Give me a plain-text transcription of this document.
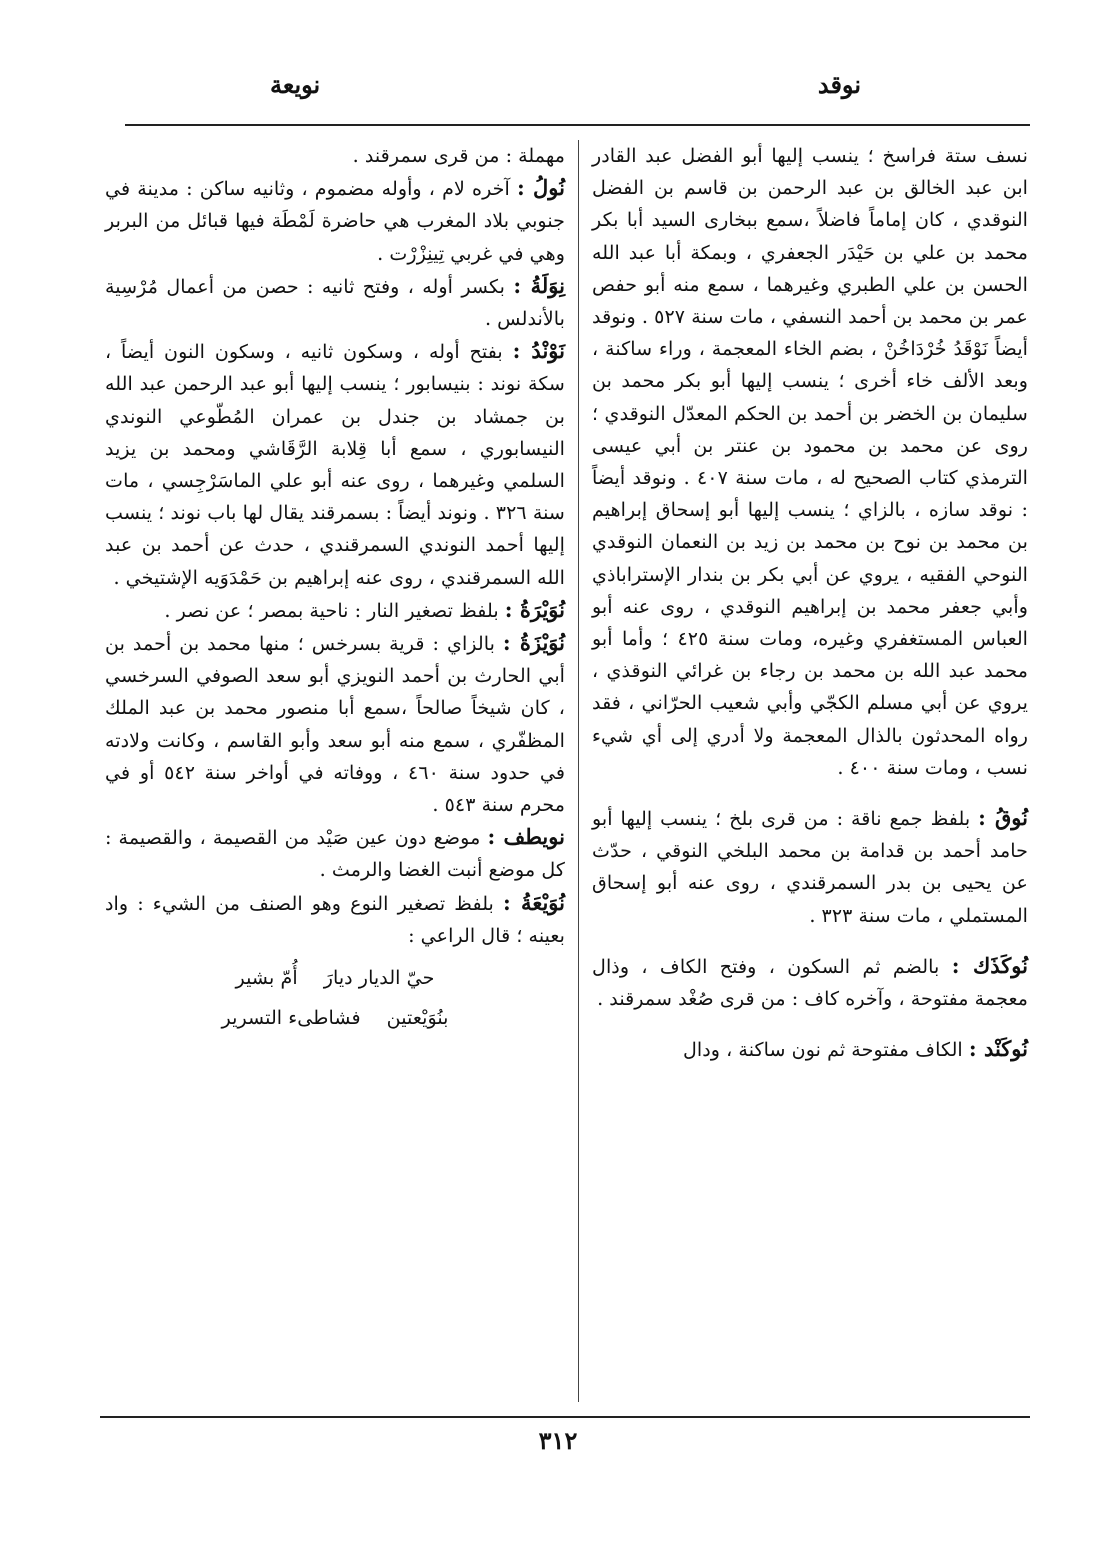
نوقد
نويعة

نسف ستة فراسخ ؛ ينسب إليها أبو الفضل عبد القادر ابن عبد الخالق بن عبد الرحمن بن قاسم بن الفضل النوقدي ، كان إماماً فاضلاً ،سمع ببخارى السيد أبا بكر محمد بن علي بن حَيْدَر الجعفري ، وبمكة أبا عبد الله الحسن بن علي الطبري وغيرهما ، سمع منه أبو حفص عمر بن محمد بن أحمد النسفي ، مات سنة ٥٢٧ . ونوقد أيضاً نَوْقَدُ خُرْدَاخُنْ ، بضم الخاء المعجمة ، وراء ساكنة ، وبعد الألف خاء أخرى ؛ ينسب إليها أبو بكر محمد بن سليمان بن الخضر بن أحمد بن الحكم المعدّل النوقدي ؛ روى عن محمد بن محمود بن عنتر بن أبي عيسى الترمذي كتاب الصحيح له ، مات سنة ٤٠٧ . ونوقد أيضاً : نوقد سازه ، بالزاي ؛ ينسب إليها أبو إسحاق إبراهيم بن محمد بن نوح بن محمد بن زيد بن النعمان النوقدي النوحي الفقيه ، يروي عن أبي بكر بن بندار الإستراباذي وأبي جعفر محمد بن إبراهيم النوقدي ، روى عنه أبو العباس المستغفري وغيره، ومات سنة ٤٢٥ ؛ وأما أبو محمد عبد الله بن محمد بن رجاء بن غرائي النوقذي ، يروي عن أبي مسلم الكجّي وأبي شعيب الحرّاني ، فقد رواه المحدثون بالذال المعجمة ولا أدري إلى أي شيء نسب ، ومات سنة ٤٠٠ .

نُوقُ : بلفظ جمع ناقة : من قرى بلخ ؛ ينسب إليها أبو حامد أحمد بن قدامة بن محمد البلخي النوقي ، حدّث عن يحيى بن بدر السمرقندي ، روى عنه أبو إسحاق المستملي ، مات سنة ٣٢٣ .

نُوكَذَك : بالضم ثم السكون ، وفتح الكاف ، وذال معجمة مفتوحة ، وآخره كاف : من قرى صُغْد سمرقند .

نُوكَنْد : الكاف مفتوحة ثم نون ساكنة ، ودال

مهملة : من قرى سمرقند .

نُولُ : آخره لام ، وأوله مضموم ، وثانيه ساكن : مدينة في جنوبي بلاد المغرب هي حاضرة لَمْطَة فيها قبائل من البربر وهي في غربي تِينِزْرْت .

نِوَلَةُ : بكسر أوله ، وفتح ثانيه : حصن من أعمال مُرْسِية بالأندلس .

نَوْنْدُ : بفتح أوله ، وسكون ثانيه ، وسكون النون أيضاً ، سكة نوند : بنيسابور ؛ ينسب إليها أبو عبد الرحمن عبد الله بن جمشاد بن جندل بن عمران المُطّوعي النوندي النيسابوري ، سمع أبا قِلابة الرَّقَاشي ومحمد بن يزيد السلمي وغيرهما ، روى عنه أبو علي الماسَرْجِسي ، مات سنة ٣٢٦ . ونوند أيضاً : بسمرقند يقال لها باب نوند ؛ ينسب إليها أحمد النوندي السمرقندي ، حدث عن أحمد بن عبد الله السمرقندي ، روى عنه إبراهيم بن حَمْدَوَيه الإشتيخي .

نُوَيْرَةُ : بلفظ تصغير النار : ناحية بمصر ؛ عن نصر .

نُوَيْزَةُ : بالزاي : قرية بسرخس ؛ منها محمد بن أحمد بن أبي الحارث بن أحمد النويزي أبو سعد الصوفي السرخسي ، كان شيخاً صالحاً ،سمع أبا منصور محمد بن عبد الملك المظفّري ، سمع منه أبو سعد وأبو القاسم ، وكانت ولادته في حدود سنة ٤٦٠ ، ووفاته في أواخر سنة ٥٤٢ أو في محرم سنة ٥٤٣ .

نويطف : موضع دون عين صَيْد من القصيمة ، والقصيمة : كل موضع أنبت الغضا والرمث .

نُوَيْعَةُ : بلفظ تصغير النوع وهو الصنف من الشيء : واد بعينه ؛ قال الراعي :

حيّ الديار ديارَ
أُمّ بشير
بنُوَيْعتين
فشاطىء التسرير
٣١٢
